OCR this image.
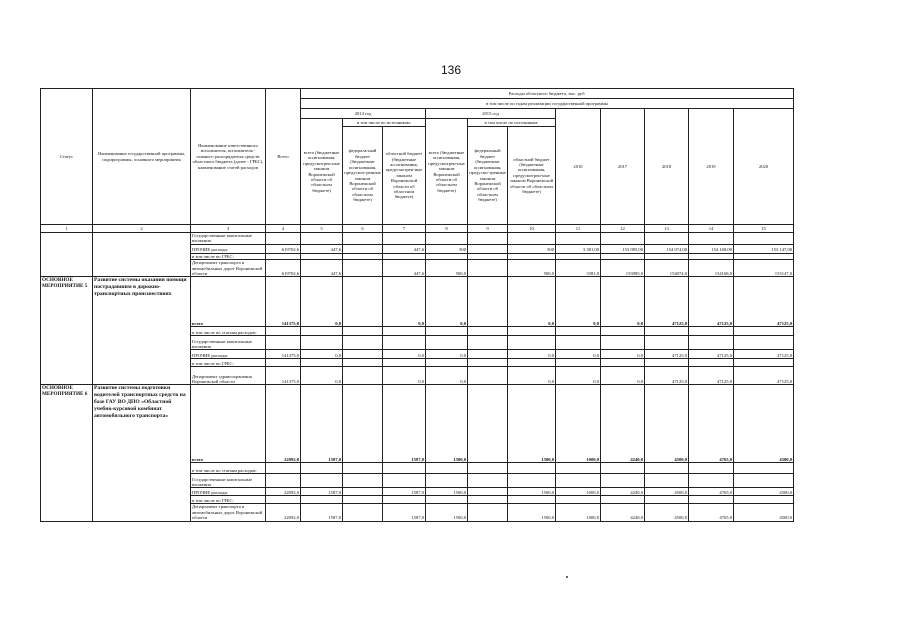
136
Статус	Наименование государственной программы, подпрограммы, основного мероприятия	Наименование ответственного исполнителя, исполнителя - главного распорядителя средств областного бюджета (далее - ГРБС), наименование статей расходов	Всего	Расходы областного бюджета, тыс. руб.										
				в том числе по годам реализации государственной программы										
				2014 год			2015 год			2016	2017	2018	2019	2020
				всего (бюджетные ассигнования, предусмотрен-ные законом Воронежской области об областном бюджете)	в том числе по источникам:		всего (бюджетные ассигнования, предусмотрен-ные законом Воронежской области об областном бюджете)	в том числе по источникам:						
					федераль-ный бюджет (бюджетные ассигнования, предусмот-ренные законом Воронежской области об областном бюджете)	областной бюджет (бюджетные ассигнования, предусмотрен-ные законом Воронежской области об областном бюджете)		федеральный бюджет (бюджетные ассигнования, предусмо-тренные законом Воронежской области об областном бюджете)	областной бюджет (бюджетные ассигнования, предусмотрен-ные законом Воронежской области об областном бюджете)					
1	2	3	4	5	6	7	8	9	10	11	12	13	14	15
		Государственные капитальные вложения												
		ПРОЧИЕ расходы	619702,6	447,6		447,6	500		500	3 381,00	153 985,00	154 074,00	154 168,00	153 147,00
		в том числе по ГРБС:												
		Департамент транспорта и автомобильных дорог Воронежской области	619702,6	447,6		447,6	500,0		500,0	3381,0	153985,0	154074,0	154168,0	153147,0
ОСНОВНОЕ МЕРОПРИЯТИЕ 5	Развитие системы оказания помощи пострадавшим в дорожно-транспортных происшествиях	всего	141375,0	0,0		0,0	0,0		0,0	0,0	0,0	47125,0	47125,0	47125,0
		в том числе по статьям расходов:												
		Государственные капитальные вложения												
		ПРОЧИЕ расходы	141375,0	0,0		0,0	0,0		0,0	0,0	0,0	47125,0	47125,0	47125,0
		в том числе по ГРБС:												
		Департамент здравоохранения Воронежской области	141375,0	0,0		0,0	0,0		0,0	0,0	0,0	47125,0	47125,0	47125,0
ОСНОВНОЕ МЕРОПРИЯТИЕ 6	Развитие системы подготовки водителей транспортных средств на базе ГАУ ВО ДПО «Областной учебно-курсовой комбинат автомобильного транспорта»	всего	22092,0	1587,0		1587,0	1500,0		1500,0	1000,0	4240,0	4500,0	4765,0	4500,0
		в том числе по статьям расходов:												
		Государственные капитальные вложения												
		ПРОЧИЕ расходы	22092,0	1587,0		1587,0	1500,0		1500,0	1000,0	4240,0	4500,0	4765,0	4500,0
		в том числе по ГРБС:												
		Департамент транспорта и автомобильных дорог Воронежской области	22092,0	1587,0		1587,0	1500,0		1500,0	1000,0	4240,0	4500,0	4765,0	4500,0
